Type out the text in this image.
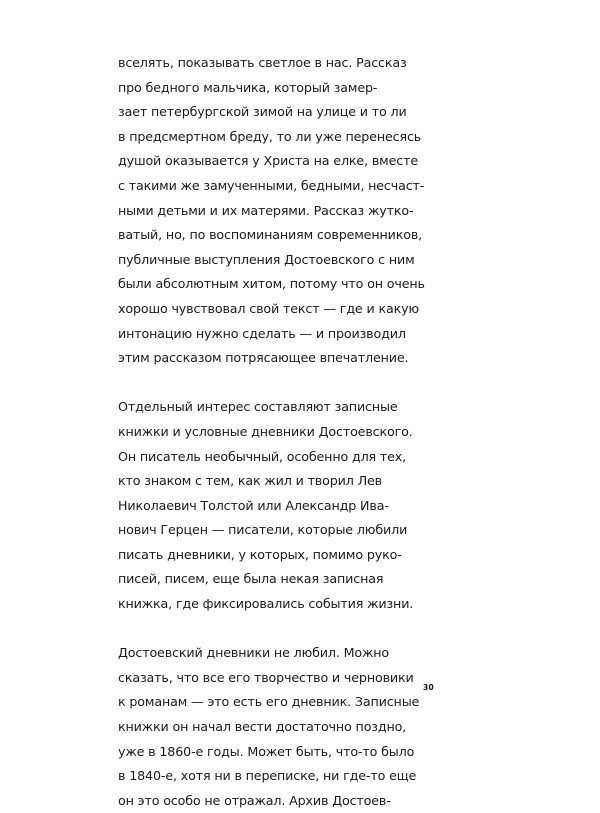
вселять, показывать светлое в нас. Рассказ
про бедного мальчика, который замер-
зает петербургской зимой на улице и то ли
в предсмертном бреду, то ли уже перенесясь
душой оказывается у Христа на елке, вместе
с такими же замученными, бедными, несчаст-
ными детьми и их матерями. Рассказ жутко-
ватый, но, по воспоминаниям современников,
публичные выступления Достоевского с ним
были абсолютным хитом, потому что он очень
хорошо чувствовал свой текст — где и какую
интонацию нужно сделать — и производил
этим рассказом потрясающее впечатление.

Отдельный интерес составляют записные
книжки и условные дневники Достоевского.
Он писатель необычный, особенно для тех,
кто знаком с тем, как жил и творил Лев
Николаевич Толстой или Александр Ива-
нович Герцен — писатели, которые любили
писать дневники, у которых, помимо руко-
писей, писем, еще была некая записная
книжка, где фиксировались события жизни.

Достоевский дневники не любил. Можно
сказать, что все его творчество и черновики
к романам — это есть его дневник. Записные
книжки он начал вести достаточно поздно,
уже в 1860-е годы. Может быть, что-то было
в 1840-е, хотя ни в переписке, ни где-то еще
он это особо не отражал. Архив Достоев-

30
